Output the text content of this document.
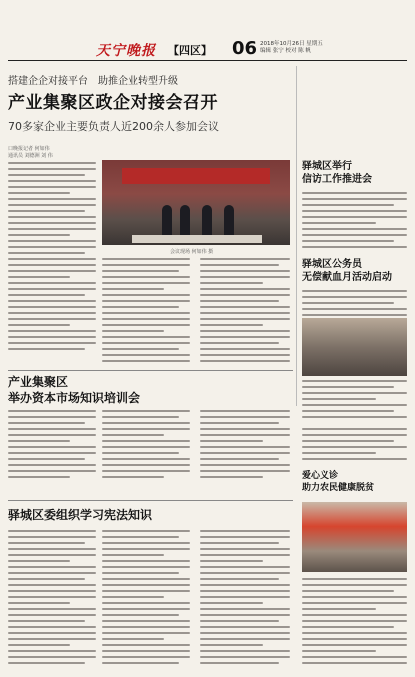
天宁晚报 【四区】 06 2018年10月26日 星期五
编辑 张宁 校对 陈 帆
搭建企企对接平台　助推企业转型升级
产业集聚区政企对接会召开
70多家企业主要负责人近200余人参加会议
口晚报记者 何如伟
通讯员 刘德洲 刘 伟
会议现场 何如伟 摄
驿城区举行
信访工作推进会
驿城区公务员
无偿献血月活动启动
爱心义诊
助力农民健康脱贫
产业集聚区
举办资本市场知识培训会
驿城区委组织学习宪法知识
